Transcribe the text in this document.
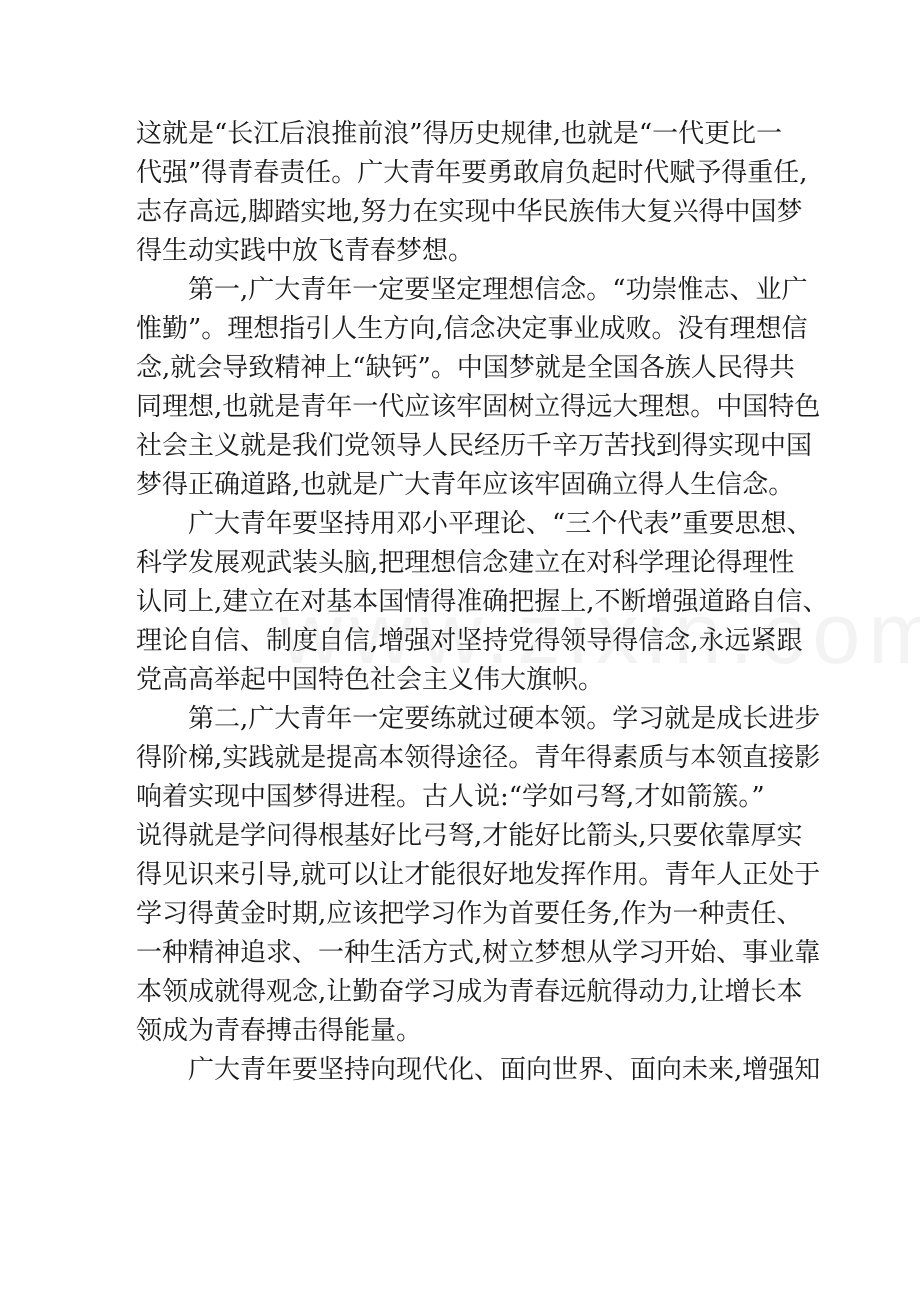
这就是“长江后浪推前浪”得历史规律,也就是“一代更比一
代强”得青春责任。广大青年要勇敢肩负起时代赋予得重任,
志存高远,脚踏实地,努力在实现中华民族伟大复兴得中国梦
得生动实践中放飞青春梦想。
第一,广大青年一定要坚定理想信念。“功崇惟志、业广
惟勤”。理想指引人生方向,信念决定事业成败。没有理想信
念,就会导致精神上“缺钙”。中国梦就是全国各族人民得共
同理想,也就是青年一代应该牢固树立得远大理想。中国特色
社会主义就是我们党领导人民经历千辛万苦找到得实现中国
梦得正确道路,也就是广大青年应该牢固确立得人生信念。
广大青年要坚持用邓小平理论、“三个代表”重要思想、
科学发展观武装头脑,把理想信念建立在对科学理论得理性
认同上,建立在对基本国情得准确把握上,不断增强道路自信、
理论自信、制度自信,增强对坚持党得领导得信念,永远紧跟
党高高举起中国特色社会主义伟大旗帜。
第二,广大青年一定要练就过硬本领。学习就是成长进步
得阶梯,实践就是提高本领得途径。青年得素质与本领直接影
响着实现中国梦得进程。古人说:“学如弓弩,才如箭簇。”
说得就是学问得根基好比弓弩,才能好比箭头,只要依靠厚实
得见识来引导,就可以让才能很好地发挥作用。青年人正处于
学习得黄金时期,应该把学习作为首要任务,作为一种责任、
一种精神追求、一种生活方式,树立梦想从学习开始、事业靠
本领成就得观念,让勤奋学习成为青春远航得动力,让增长本
领成为青春搏击得能量。
广大青年要坚持向现代化、面向世界、面向未来,增强知
